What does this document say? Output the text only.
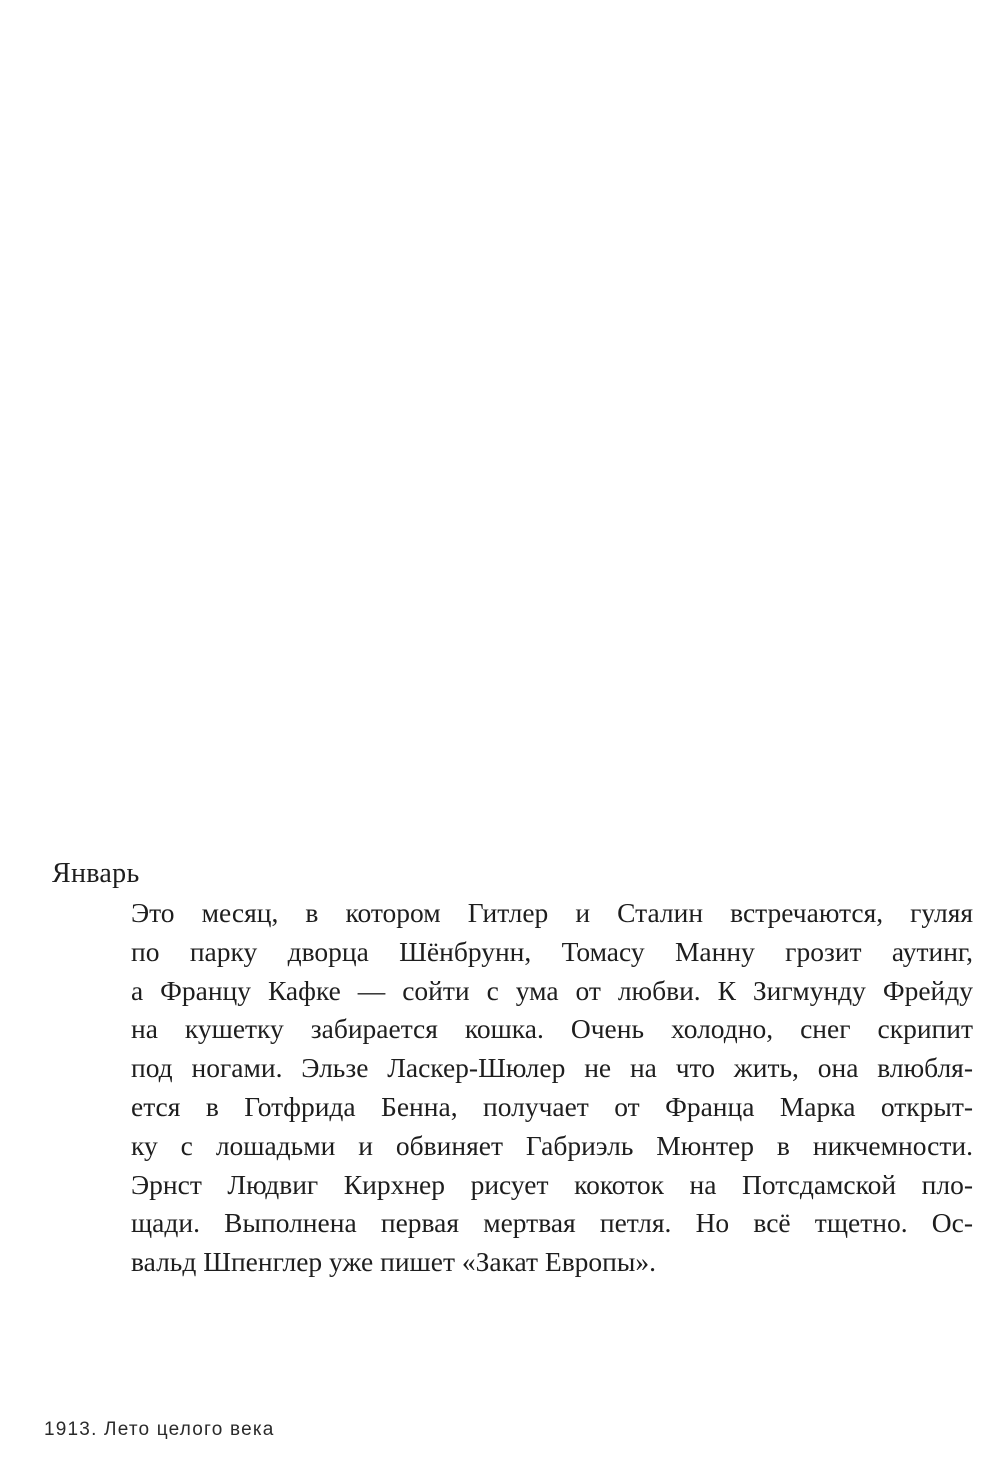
Январь
Это месяц, в котором Гитлер и Сталин встречаются, гуляя
по парку дворца Шёнбрунн, Томасу Манну грозит аутинг,
а Францу Кафке — сойти с ума от любви. К Зигмунду Фрейду
на кушетку забирается кошка. Очень холодно, снег скрипит
под ногами. Эльзе Ласкер-Шюлер не на что жить, она влюбля-
ется в Готфрида Бенна, получает от Франца Марка открыт-
ку с лошадьми и обвиняет Габриэль Мюнтер в никчемности.
Эрнст Людвиг Кирхнер рисует кокоток на Потсдамской пло-
щади. Выполнена первая мертвая петля. Но всё тщетно. Ос-
вальд Шпенглер уже пишет «Закат Европы».
1913. Лето целого века
